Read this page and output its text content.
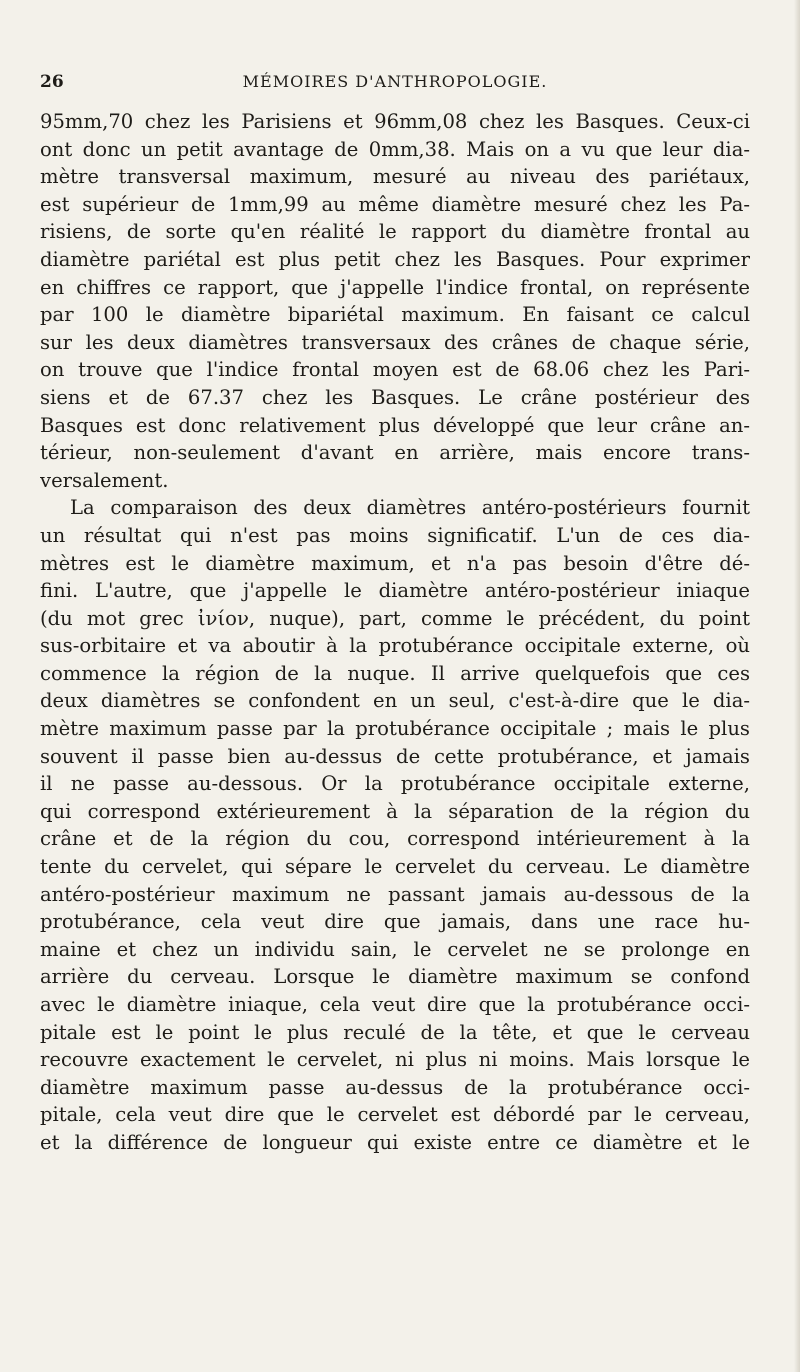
26	MÉMOIRES D'ANTHROPOLOGIE.
95mm,70 chez les Parisiens et 96mm,08 chez les Basques. Ceux-ci
ont donc un petit avantage de 0mm,38. Mais on a vu que leur dia-
mètre transversal maximum, mesuré au niveau des pariétaux,
est supérieur de 1mm,99 au même diamètre mesuré chez les Pa-
risiens, de sorte qu'en réalité le rapport du diamètre frontal au
diamètre pariétal est plus petit chez les Basques. Pour exprimer
en chiffres ce rapport, que j'appelle l'indice frontal, on représente
par 100 le diamètre bipariétal maximum. En faisant ce calcul
sur les deux diamètres transversaux des crânes de chaque série,
on trouve que l'indice frontal moyen est de 68.06 chez les Pari-
siens et de 67.37 chez les Basques. Le crâne postérieur des
Basques est donc relativement plus développé que leur crâne an-
térieur, non-seulement d'avant en arrière, mais encore trans-
versalement.
La comparaison des deux diamètres antéro-postérieurs fournit
un résultat qui n'est pas moins significatif. L'un de ces dia-
mètres est le diamètre maximum, et n'a pas besoin d'être dé-
fini. L'autre, que j'appelle le diamètre antéro-postérieur iniaque
(du mot grec ἰνίον, nuque), part, comme le précédent, du point
sus-orbitaire et va aboutir à la protubérance occipitale externe, où
commence la région de la nuque. Il arrive quelquefois que ces
deux diamètres se confondent en un seul, c'est-à-dire que le dia-
mètre maximum passe par la protubérance occipitale ; mais le plus
souvent il passe bien au-dessus de cette protubérance, et jamais
il ne passe au-dessous. Or la protubérance occipitale externe,
qui correspond extérieurement à la séparation de la région du
crâne et de la région du cou, correspond intérieurement à la
tente du cervelet, qui sépare le cervelet du cerveau. Le diamètre
antéro-postérieur maximum ne passant jamais au-dessous de la
protubérance, cela veut dire que jamais, dans une race hu-
maine et chez un individu sain, le cervelet ne se prolonge en
arrière du cerveau. Lorsque le diamètre maximum se confond
avec le diamètre iniaque, cela veut dire que la protubérance occi-
pitale est le point le plus reculé de la tête, et que le cerveau
recouvre exactement le cervelet, ni plus ni moins. Mais lorsque le
diamètre maximum passe au-dessus de la protubérance occi-
pitale, cela veut dire que le cervelet est débordé par le cerveau,
et la différence de longueur qui existe entre ce diamètre et le
